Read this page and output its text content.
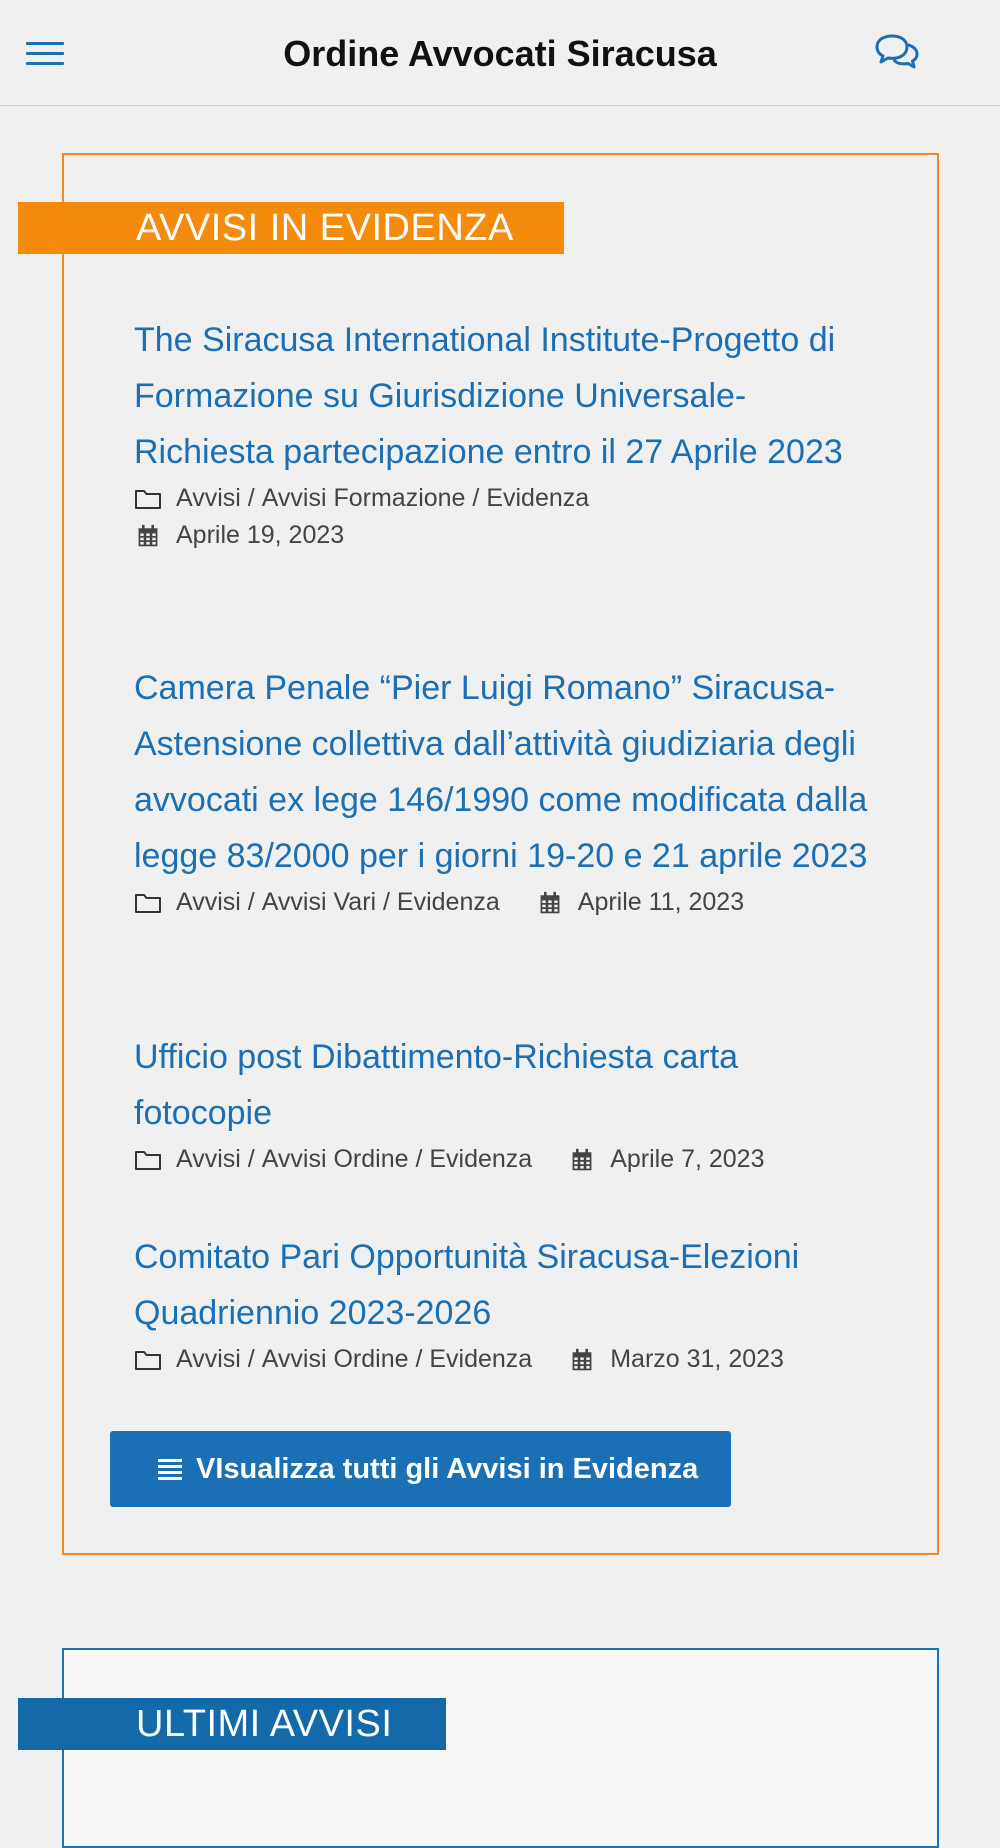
Ordine Avvocati Siracusa
AVVISI IN EVIDENZA
The Siracusa International Institute-Progetto di Formazione su Giurisdizione Universale-Richiesta partecipazione entro il 27 Aprile 2023
Avvisi / Avvisi Formazione / Evidenza
Aprile 19, 2023
Camera Penale “Pier Luigi Romano” Siracusa-Astensione collettiva dall’attività giudiziaria degli avvocati ex lege 146/1990 come modificata dalla legge 83/2000 per i giorni 19-20 e 21 aprile 2023
Avvisi / Avvisi Vari / Evidenza	Aprile 11, 2023
Ufficio post Dibattimento-Richiesta carta fotocopie
Avvisi / Avvisi Ordine / Evidenza	Aprile 7, 2023
Comitato Pari Opportunità Siracusa-Elezioni Quadriennio 2023-2026
Avvisi / Avvisi Ordine / Evidenza	Marzo 31, 2023
VIsualizza tutti gli Avvisi in Evidenza
ULTIMI AVVISI
